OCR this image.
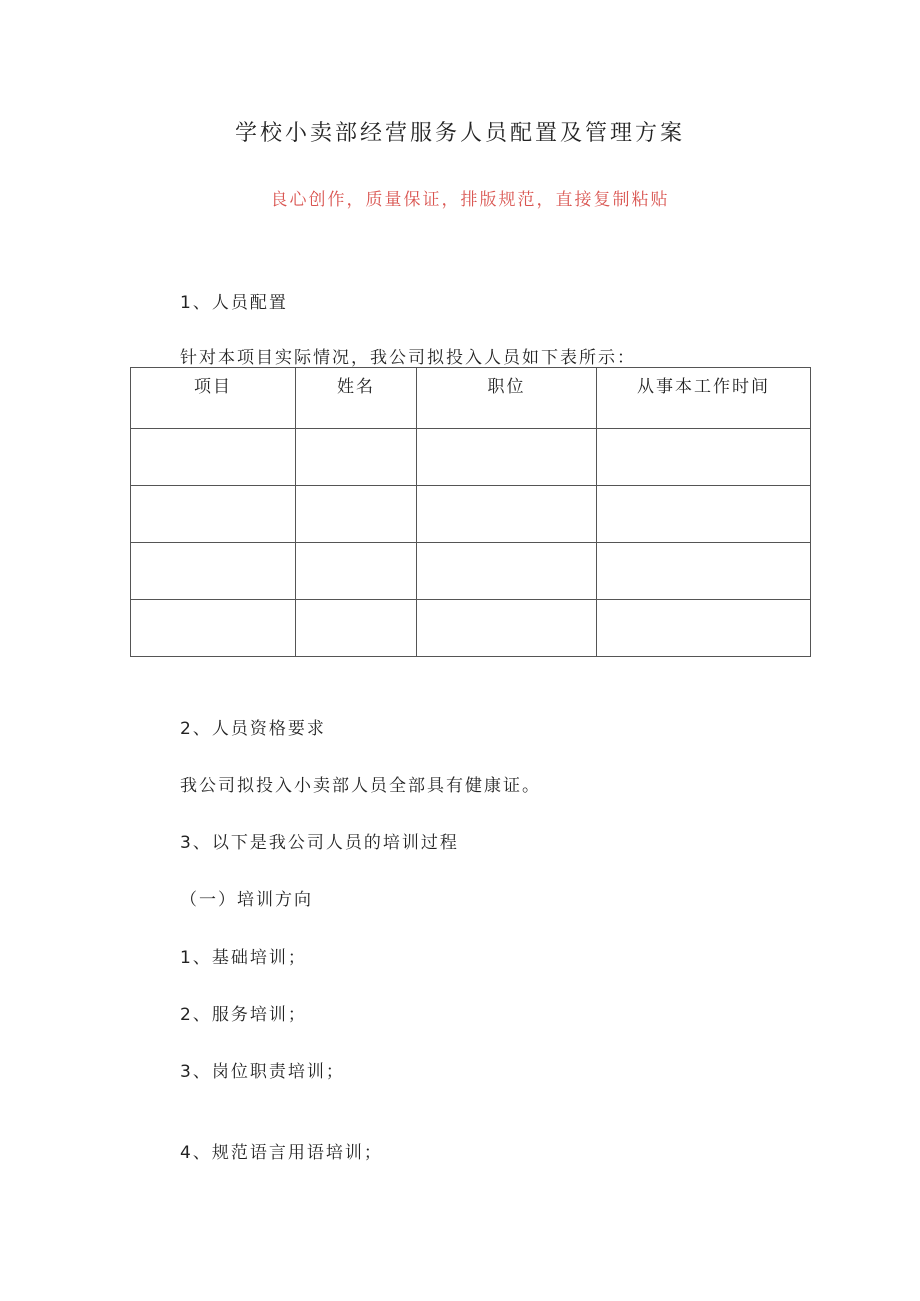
学校小卖部经营服务人员配置及管理方案
良心创作，质量保证，排版规范，直接复制粘贴
1、人员配置
针对本项目实际情况，我公司拟投入人员如下表所示：
项目	姓名	职位	从事本工作时间

2、人员资格要求
我公司拟投入小卖部人员全部具有健康证。
3、以下是我公司人员的培训过程
（一）培训方向
1、基础培训；
2、服务培训；
3、岗位职责培训；
4、规范语言用语培训；
